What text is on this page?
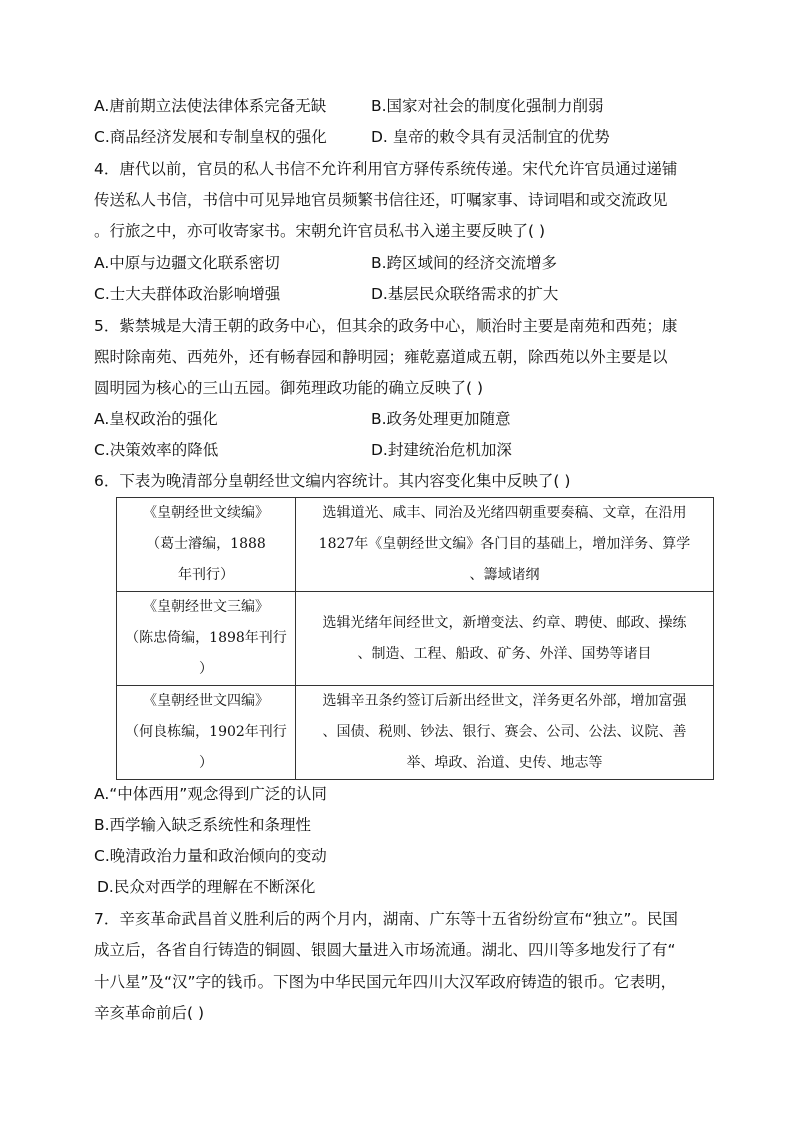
A.唐前期立法使法律体系完备无缺	B.国家对社会的制度化强制力削弱
C.商品经济发展和专制皇权的强化	D. 皇帝的敕令具有灵活制宜的优势
4．唐代以前，官员的私人书信不允许利用官方驿传系统传递。宋代允许官员通过递铺
传送私人书信，书信中可见异地官员频繁书信往还，叮嘱家事、诗词唱和或交流政见
。行旅之中，亦可收寄家书。宋朝允许官员私书入递主要反映了( )
A.中原与边疆文化联系密切	B.跨区域间的经济交流增多
C.士大夫群体政治影响增强	D.基层民众联络需求的扩大
5．紫禁城是大清王朝的政务中心，但其余的政务中心，顺治时主要是南苑和西苑；康
熙时除南苑、西苑外，还有畅春园和静明园；雍乾嘉道咸五朝，除西苑以外主要是以
圆明园为核心的三山五园。御苑理政功能的确立反映了( )
A.皇权政治的强化	B.政务处理更加随意
C.决策效率的降低	D.封建统治危机加深
6．下表为晚清部分皇朝经世文编内容统计。其内容变化集中反映了( )
《皇朝经世文续编》
（葛士濬编，1888
年刊行）	选辑道光、咸丰、同治及光绪四朝重要奏稿、文章，在沿用
1827年《皇朝经世文编》各门目的基础上，增加洋务、算学
、籌域诸纲

《皇朝经世文三编》
（陈忠倚编，1898年刊行
）	选辑光绪年间经世文，新增变法、约章、聘使、邮政、操练
、制造、工程、船政、矿务、外洋、国势等诸目

《皇朝经世文四编》
（何良栋编，1902年刊行
）	选辑辛丑条约签订后新出经世文，洋务更名外部，增加富强
、国债、税则、钞法、银行、赛会、公司、公法、议院、善
举、埠政、治道、史传、地志等
A.“中体西用”观念得到广泛的认同
B.西学输入缺乏系统性和条理性
C.晚清政治力量和政治倾向的变动
D.民众对西学的理解在不断深化
7．辛亥革命武昌首义胜利后的两个月内，湖南、广东等十五省纷纷宣布“独立”。民国
成立后，各省自行铸造的铜圆、银圆大量进入市场流通。湖北、四川等多地发行了有“
十八星”及“汉”字的钱币。下图为中华民国元年四川大汉军政府铸造的银币。它表明，
辛亥革命前后( )
